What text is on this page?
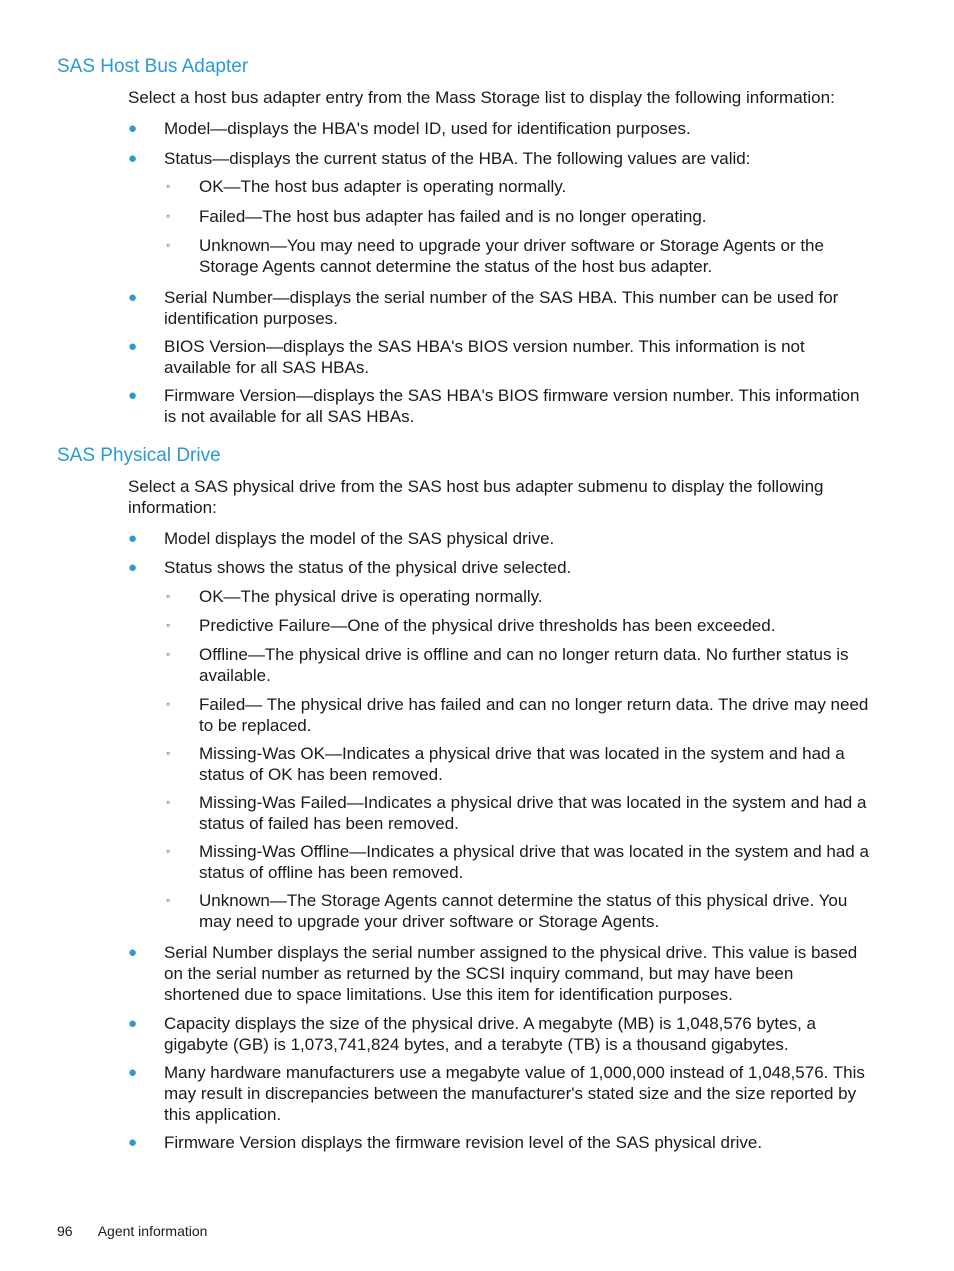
SAS Host Bus Adapter

Select a host bus adapter entry from the Mass Storage list to display the following information:

● Model—displays the HBA's model ID, used for identification purposes.
● Status—displays the current status of the HBA. The following values are valid:
◦ OK—The host bus adapter is operating normally.
◦ Failed—The host bus adapter has failed and is no longer operating.
◦ Unknown—You may need to upgrade your driver software or Storage Agents or the Storage Agents cannot determine the status of the host bus adapter.
● Serial Number—displays the serial number of the SAS HBA. This number can be used for identification purposes.
● BIOS Version—displays the SAS HBA's BIOS version number. This information is not available for all SAS HBAs.
● Firmware Version—displays the SAS HBA's BIOS firmware version number. This information is not available for all SAS HBAs.
SAS Physical Drive

Select a SAS physical drive from the SAS host bus adapter submenu to display the following information:

● Model displays the model of the SAS physical drive.
● Status shows the status of the physical drive selected.
◦ OK—The physical drive is operating normally.
◦ Predictive Failure—One of the physical drive thresholds has been exceeded.
◦ Offline—The physical drive is offline and can no longer return data. No further status is available.
◦ Failed— The physical drive has failed and can no longer return data. The drive may need to be replaced.
◦ Missing-Was OK—Indicates a physical drive that was located in the system and had a status of OK has been removed.
◦ Missing-Was Failed—Indicates a physical drive that was located in the system and had a status of failed has been removed.
◦ Missing-Was Offline—Indicates a physical drive that was located in the system and had a status of offline has been removed.
◦ Unknown—The Storage Agents cannot determine the status of this physical drive. You may need to upgrade your driver software or Storage Agents.
● Serial Number displays the serial number assigned to the physical drive. This value is based on the serial number as returned by the SCSI inquiry command, but may have been shortened due to space limitations. Use this item for identification purposes.
● Capacity displays the size of the physical drive. A megabyte (MB) is 1,048,576 bytes, a gigabyte (GB) is 1,073,741,824 bytes, and a terabyte (TB) is a thousand gigabytes.
● Many hardware manufacturers use a megabyte value of 1,000,000 instead of 1,048,576. This may result in discrepancies between the manufacturer's stated size and the size reported by this application.
● Firmware Version displays the firmware revision level of the SAS physical drive.
96 Agent information
